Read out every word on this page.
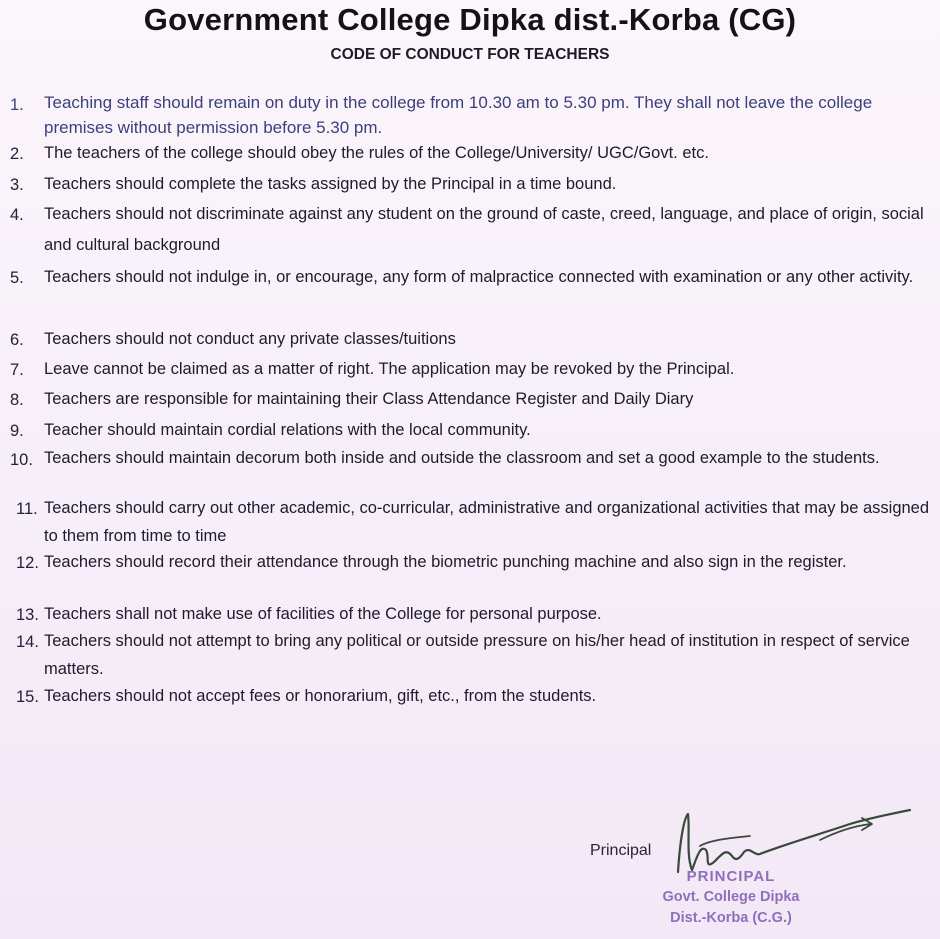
Government College Dipka dist.-Korba (CG)
CODE OF CONDUCT FOR TEACHERS
1.	Teaching staff should remain on duty in the college from 10.30 am to 5.30 pm. They shall not leave the college premises without permission before 5.30 pm.
2.	The teachers of the college should obey the rules of the College/University/ UGC/Govt. etc.
3.	Teachers should complete the tasks assigned by the Principal in a time bound.
4.	Teachers should not discriminate against any student on the ground of caste, creed, language, and place of origin, social and cultural background
5.	Teachers should not indulge in, or encourage, any form of malpractice connected with examination or any other activity.
6.	Teachers should not conduct any private classes/tuitions
7.	Leave cannot be claimed as a matter of right. The application may be revoked by the Principal.
8.	Teachers are responsible for maintaining their Class Attendance Register and Daily Diary
9.	Teacher should maintain cordial relations with the local community.
10. Teachers should maintain decorum both inside and outside the classroom and set a good example to the students.
11. Teachers should carry out other academic, co-curricular, administrative and organizational activities that may be assigned to them from time to time
12. Teachers should record their attendance through the biometric punching machine and also sign in the register.
13. Teachers shall not make use of facilities of the College for personal purpose.
14. Teachers should not attempt to bring any political or outside pressure on his/her head of institution in respect of service matters.
15. Teachers should not accept fees or honorarium, gift, etc., from the students.
Principal
PRINCIPAL
Govt. College Dipka
Dist.-Korba (C.G.)
